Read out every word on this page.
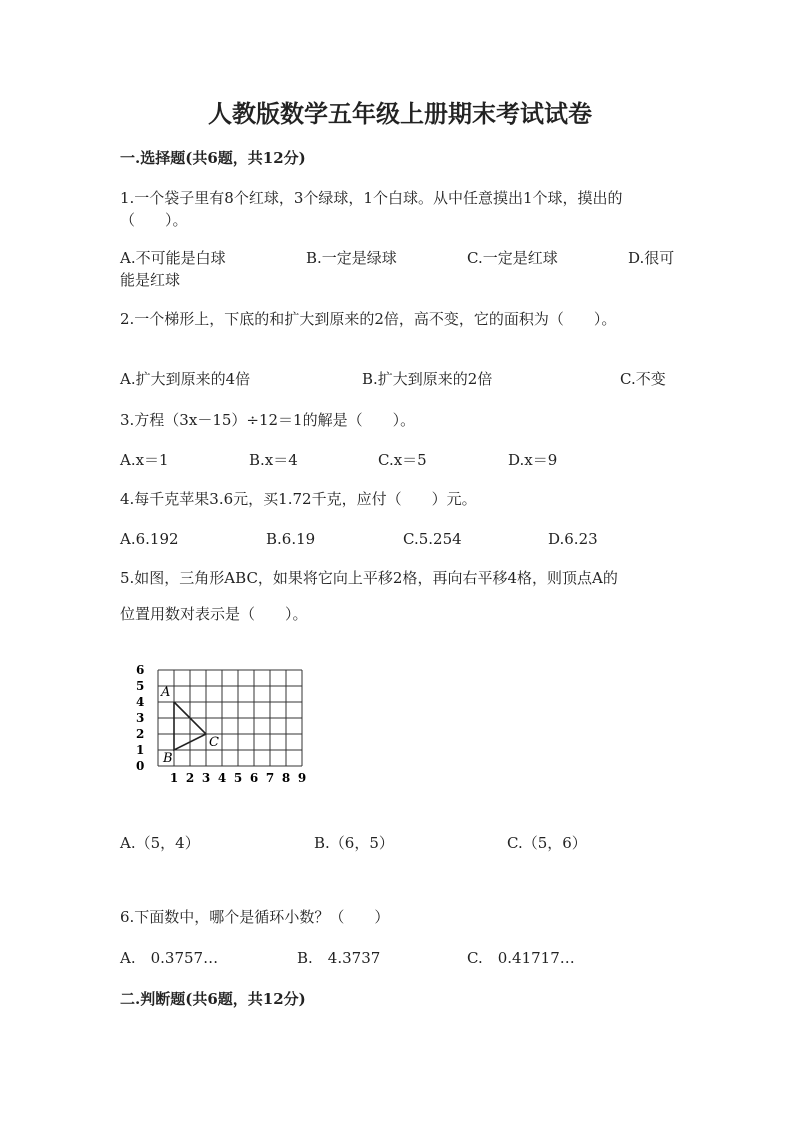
人教版数学五年级上册期末考试试卷
一.选择题(共6题，共12分)
1.一个袋子里有8个红球，3个绿球，1个白球。从中任意摸出1个球，摸出的
（　　）。
A.不可能是白球	B.一定是绿球	C.一定是红球	D.很可
能是红球
2.一个梯形上，下底的和扩大到原来的2倍，高不变，它的面积为（　　）。
A.扩大到原来的4倍	B.扩大到原来的2倍	C.不变
3.方程（3x－15）÷12＝1的解是（　　）。
A.x＝1	B.x＝4	C.x＝5	D.x＝9
4.每千克苹果3.6元，买1.72千克，应付（　　）元。
A.6.192	B.6.19	C.5.254	D.6.23
5.如图，三角形ABC，如果将它向上平移2格，再向右平移4格，则顶点A的
位置用数对表示是（　　）。
1 2 3 4 5 6 7 8 9
0
1
2
3
4
5
6
A
B
C
A.（5，4）	B.（6，5）	C.（5，6）
6.下面数中，哪个是循环小数？（　　）
A.　0.3757…	B.　4.3737	C.　0.41717…
二.判断题(共6题，共12分)
